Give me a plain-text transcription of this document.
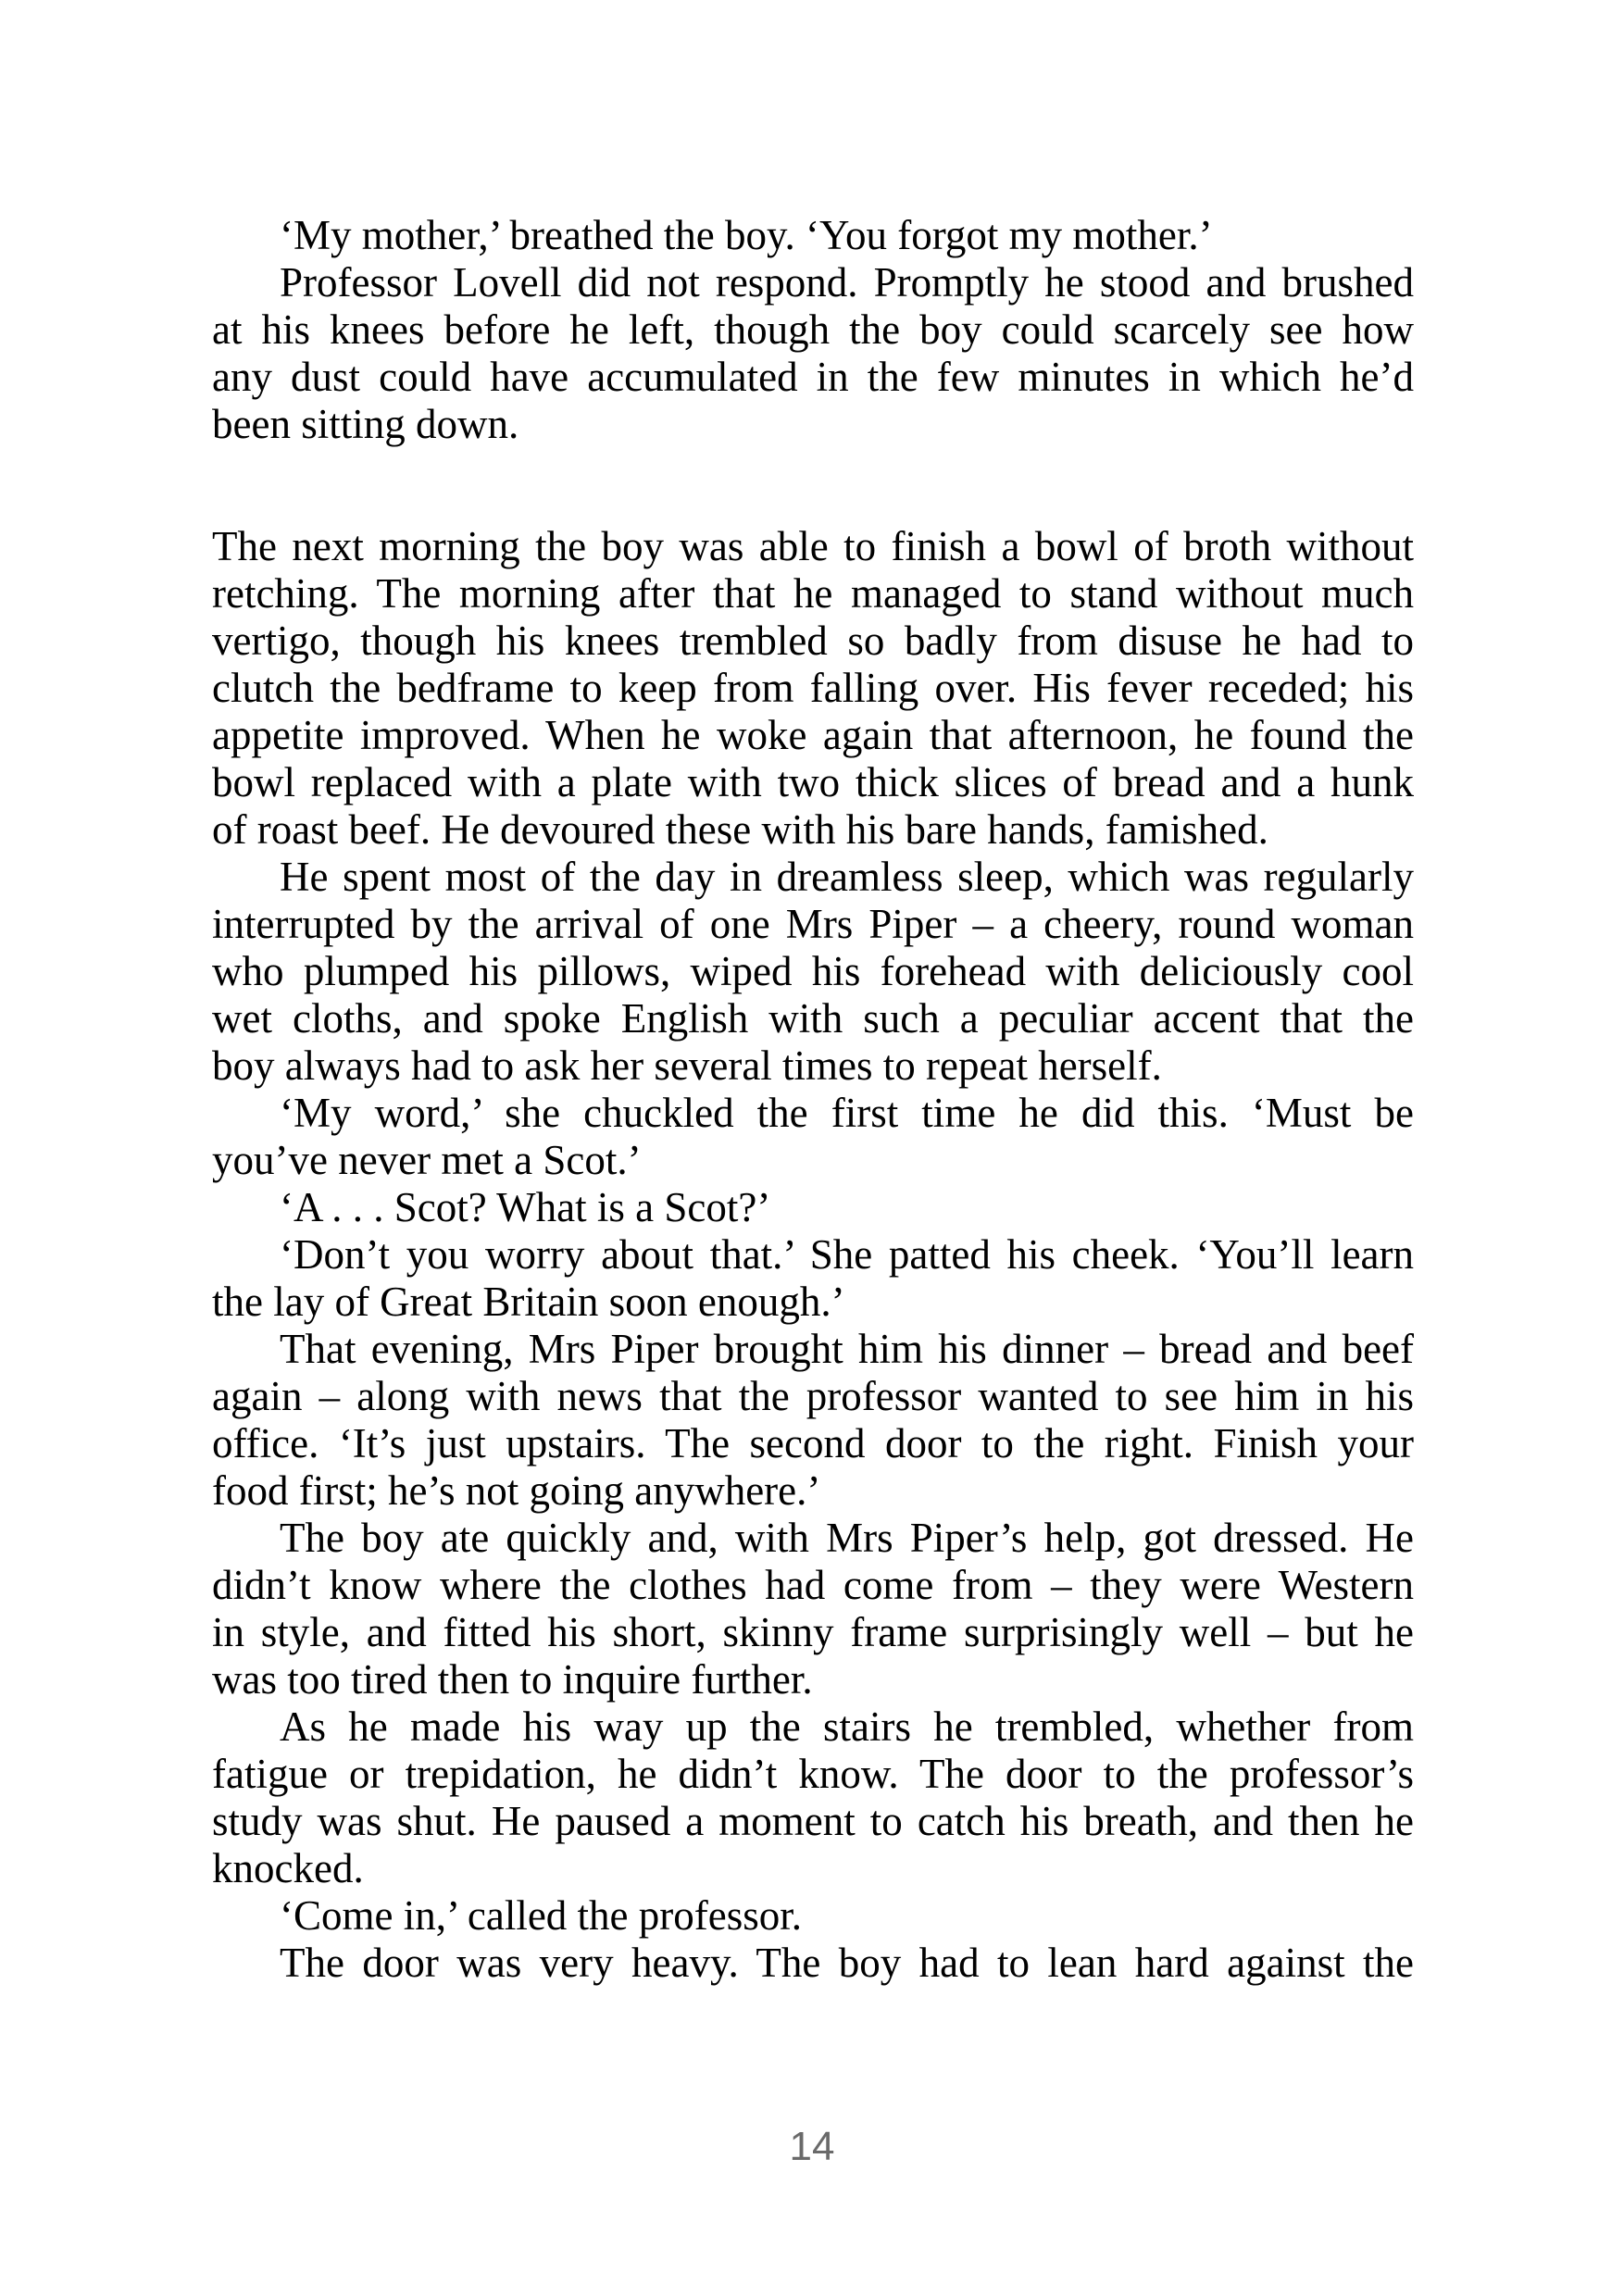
‘My mother,’ breathed the boy. ‘You forgot my mother.’
Professor Lovell did not respond. Promptly he stood and brushed
at his knees before he left, though the boy could scarcely see how
any dust could have accumulated in the few minutes in which he’d
been sitting down.
The next morning the boy was able to finish a bowl of broth without
retching. The morning after that he managed to stand without much
vertigo, though his knees trembled so badly from disuse he had to
clutch the bedframe to keep from falling over. His fever receded; his
appetite improved. When he woke again that afternoon, he found the
bowl replaced with a plate with two thick slices of bread and a hunk
of roast beef. He devoured these with his bare hands, famished.
He spent most of the day in dreamless sleep, which was regularly
interrupted by the arrival of one Mrs Piper – a cheery, round woman
who plumped his pillows, wiped his forehead with deliciously cool
wet cloths, and spoke English with such a peculiar accent that the
boy always had to ask her several times to repeat herself.
‘My word,’ she chuckled the first time he did this. ‘Must be
you’ve never met a Scot.’
‘A . . . Scot? What is a Scot?’
‘Don’t you worry about that.’ She patted his cheek. ‘You’ll learn
the lay of Great Britain soon enough.’
That evening, Mrs Piper brought him his dinner – bread and beef
again – along with news that the professor wanted to see him in his
office. ‘It’s just upstairs. The second door to the right. Finish your
food first; he’s not going anywhere.’
The boy ate quickly and, with Mrs Piper’s help, got dressed. He
didn’t know where the clothes had come from – they were Western
in style, and fitted his short, skinny frame surprisingly well – but he
was too tired then to inquire further.
As he made his way up the stairs he trembled, whether from
fatigue or trepidation, he didn’t know. The door to the professor’s
study was shut. He paused a moment to catch his breath, and then he
knocked.
‘Come in,’ called the professor.
The door was very heavy. The boy had to lean hard against the
14
